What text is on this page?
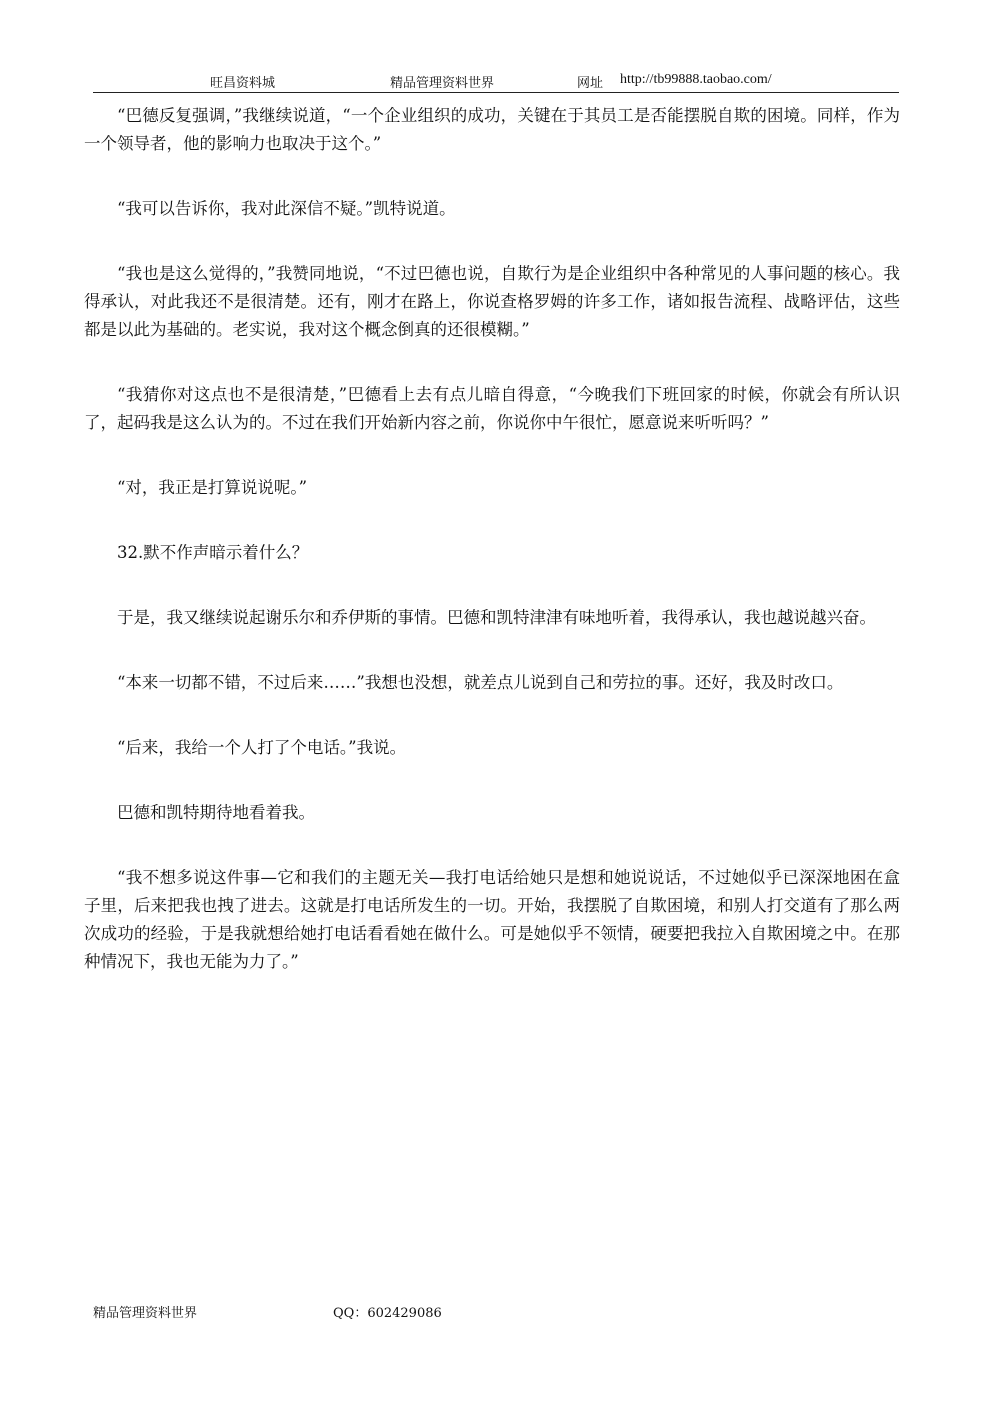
旺昌资料城	精品管理资料世界	网址 http://tb99888.taobao.com/

“巴德反复强调，”我继续说道，“一个企业组织的成功，关键在于其员工是否能摆脱自欺的困境。同样，作为一个领导者，他的影响力也取决于这个。”

“我可以告诉你，我对此深信不疑。”凯特说道。

“我也是这么觉得的，”我赞同地说，“不过巴德也说，自欺行为是企业组织中各种常见的人事问题的核心。我得承认，对此我还不是很清楚。还有，刚才在路上，你说查格罗姆的许多工作，诸如报告流程、战略评估，这些都是以此为基础的。老实说，我对这个概念倒真的还很模糊。”

“我猜你对这点也不是很清楚，”巴德看上去有点儿暗自得意，“今晚我们下班回家的时候，你就会有所认识了，起码我是这么认为的。不过在我们开始新内容之前，你说你中午很忙，愿意说来听听吗？”

“对，我正是打算说说呢。”

32.默不作声暗示着什么？

于是，我又继续说起谢乐尔和乔伊斯的事情。巴德和凯特津津有味地听着，我得承认，我也越说越兴奋。

“本来一切都不错，不过后来……”我想也没想，就差点儿说到自己和劳拉的事。还好，我及时改口。

“后来，我给一个人打了个电话。”我说。

巴德和凯特期待地看着我。

“我不想多说这件事—它和我们的主题无关—我打电话给她只是想和她说说话，不过她似乎已深深地困在盒子里，后来把我也拽了进去。这就是打电话所发生的一切。开始，我摆脱了自欺困境，和别人打交道有了那么两次成功的经验，于是我就想给她打电话看看她在做什么。可是她似乎不领情，硬要把我拉入自欺困境之中。在那种情况下，我也无能为力了。”

精品管理资料世界	QQ：602429086
